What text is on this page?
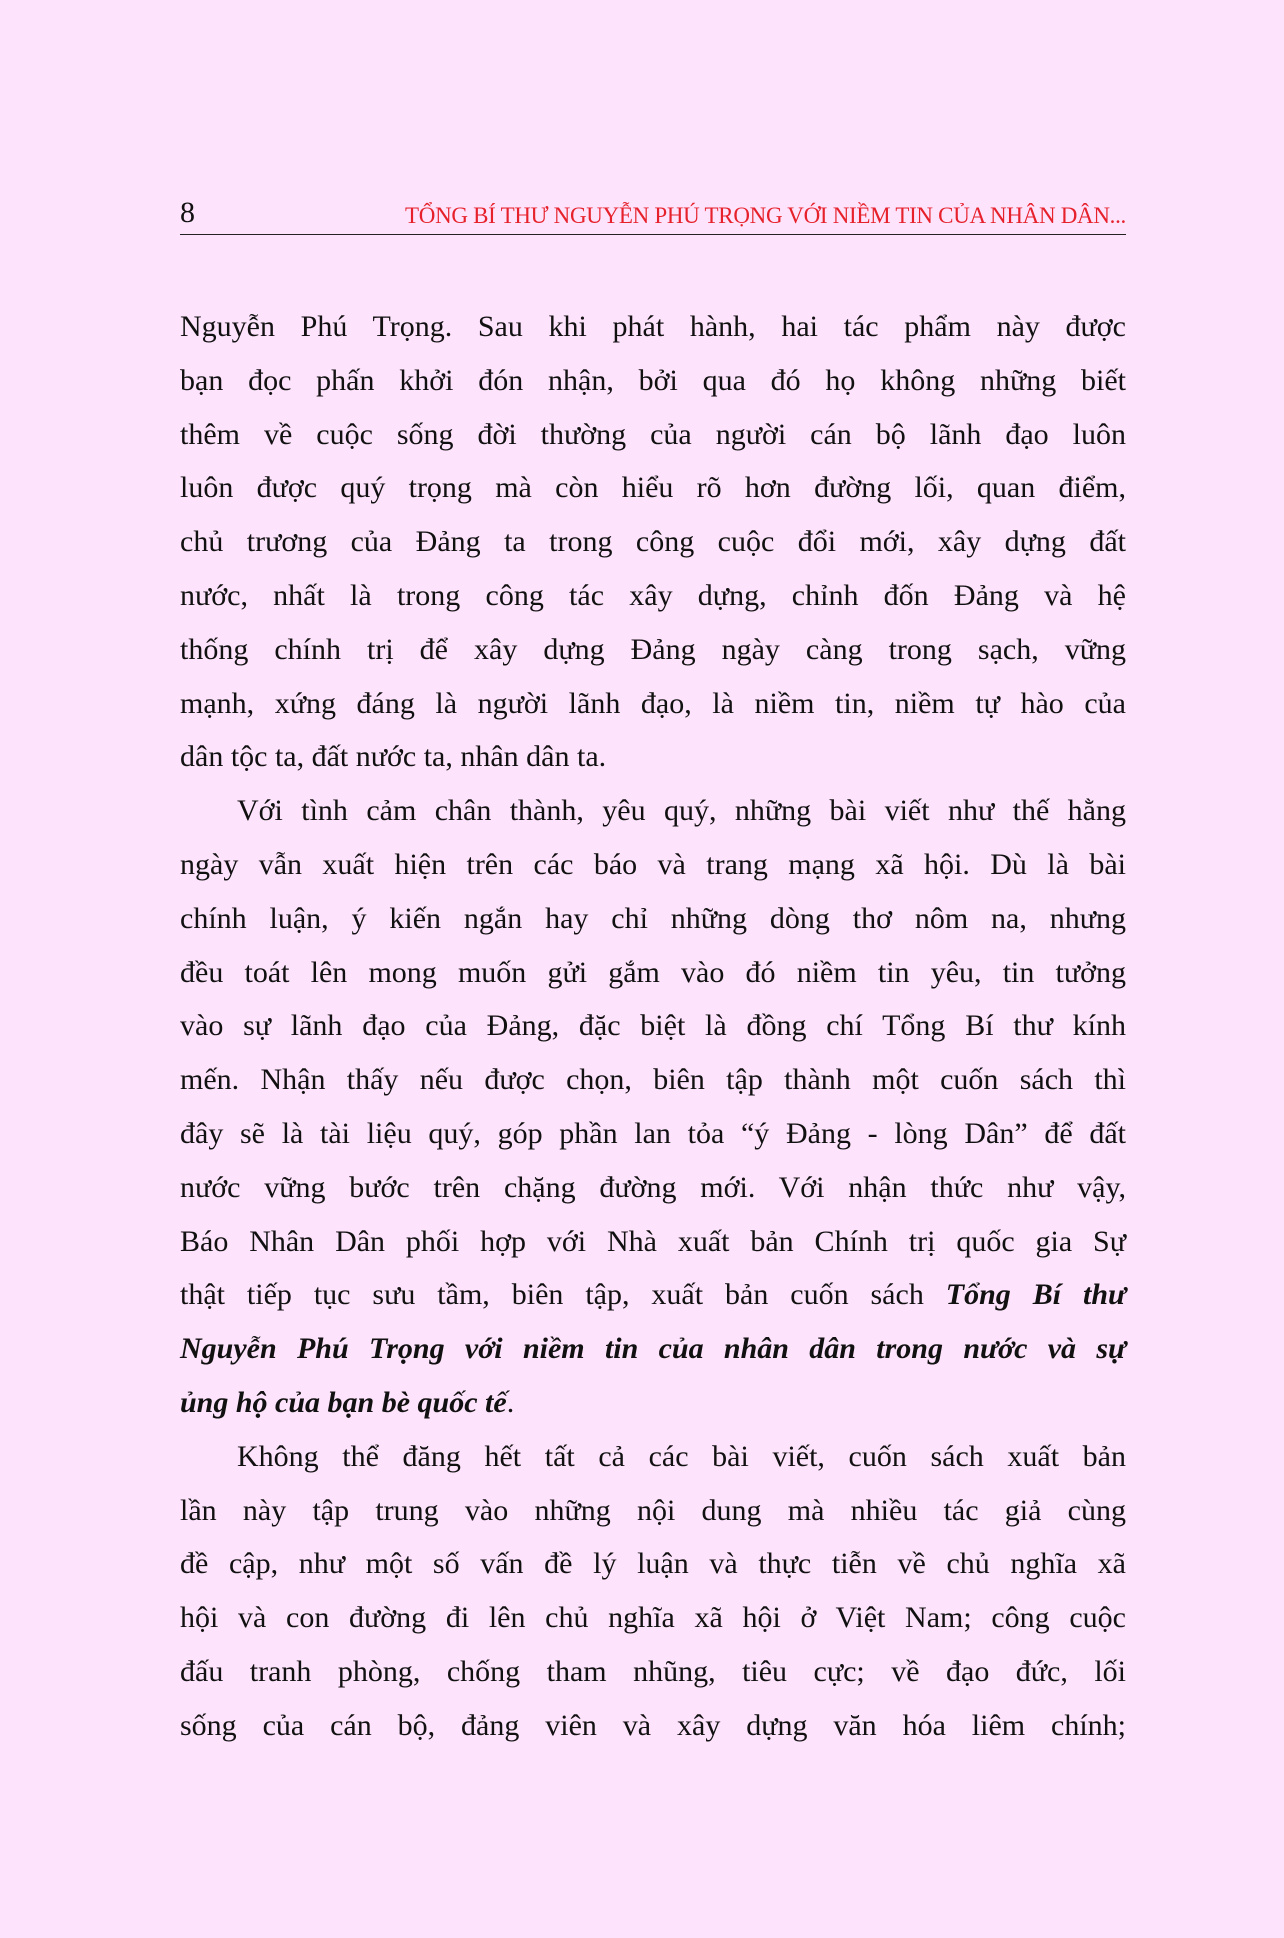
8	TỔNG BÍ THƯ NGUYỄN PHÚ TRỌNG VỚI NIỀM TIN CỦA NHÂN DÂN...
Nguyễn Phú Trọng. Sau khi phát hành, hai tác phẩm này được
bạn đọc phấn khởi đón nhận, bởi qua đó họ không những biết
thêm về cuộc sống đời thường của người cán bộ lãnh đạo luôn
luôn được quý trọng mà còn hiểu rõ hơn đường lối, quan điểm,
chủ trương của Đảng ta trong công cuộc đổi mới, xây dựng đất
nước, nhất là trong công tác xây dựng, chỉnh đốn Đảng và hệ
thống chính trị để xây dựng Đảng ngày càng trong sạch, vững
mạnh, xứng đáng là người lãnh đạo, là niềm tin, niềm tự hào của
dân tộc ta, đất nước ta, nhân dân ta.
Với tình cảm chân thành, yêu quý, những bài viết như thế hằng
ngày vẫn xuất hiện trên các báo và trang mạng xã hội. Dù là bài
chính luận, ý kiến ngắn hay chỉ những dòng thơ nôm na, nhưng
đều toát lên mong muốn gửi gắm vào đó niềm tin yêu, tin tưởng
vào sự lãnh đạo của Đảng, đặc biệt là đồng chí Tổng Bí thư kính
mến. Nhận thấy nếu được chọn, biên tập thành một cuốn sách thì
đây sẽ là tài liệu quý, góp phần lan tỏa “ý Đảng - lòng Dân” để đất
nước vững bước trên chặng đường mới. Với nhận thức như vậy,
Báo Nhân Dân phối hợp với Nhà xuất bản Chính trị quốc gia Sự
thật tiếp tục sưu tầm, biên tập, xuất bản cuốn sách Tổng Bí thư
Nguyễn Phú Trọng với niềm tin của nhân dân trong nước và sự
ủng hộ của bạn bè quốc tế.
Không thể đăng hết tất cả các bài viết, cuốn sách xuất bản
lần này tập trung vào những nội dung mà nhiều tác giả cùng
đề cập, như một số vấn đề lý luận và thực tiễn về chủ nghĩa xã
hội và con đường đi lên chủ nghĩa xã hội ở Việt Nam; công cuộc
đấu tranh phòng, chống tham nhũng, tiêu cực; về đạo đức, lối
sống của cán bộ, đảng viên và xây dựng văn hóa liêm chính;
